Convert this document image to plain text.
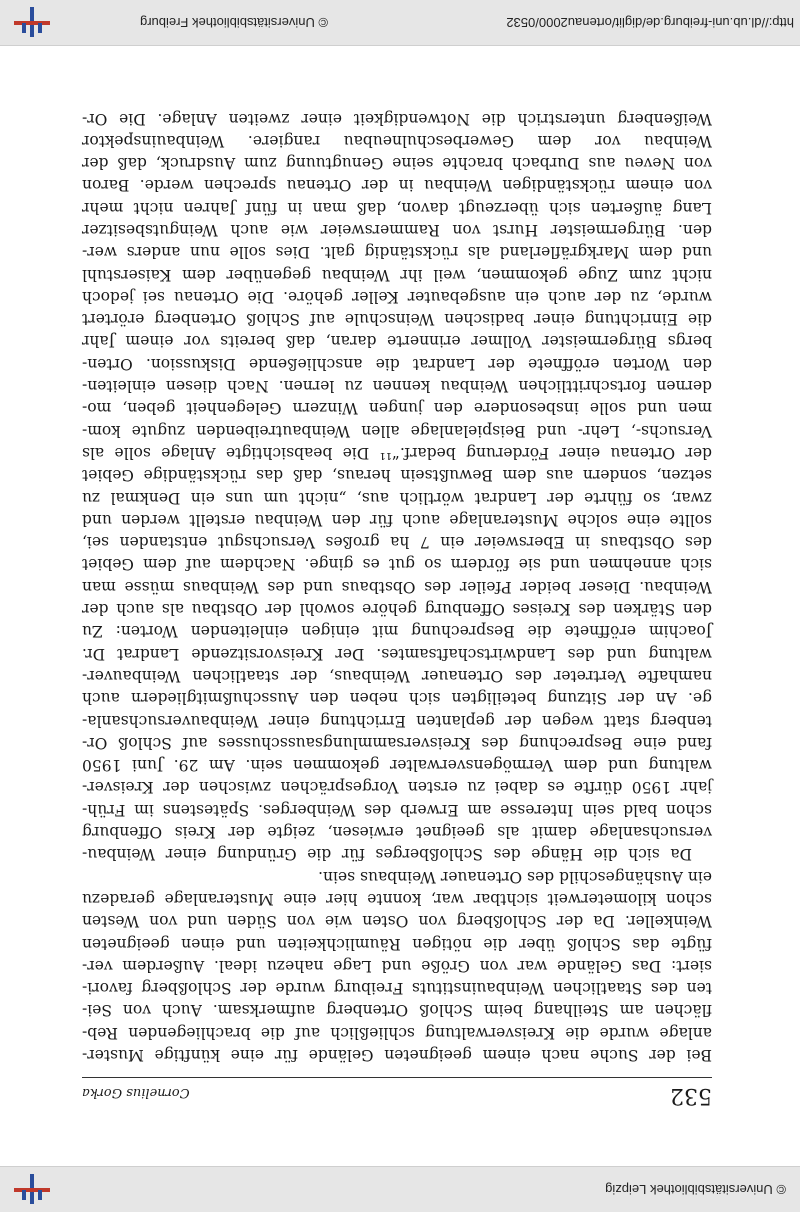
© Universitätsbibliothek Leipzig
532
Cornelius Gorka
Bei der Suche nach einem geeigneten Gelände für eine künftige Muster-
anlage wurde die Kreisverwaltung schließlich auf die brachliegenden Reb-
flächen am Steilhang beim Schloß Ortenberg aufmerksam. Auch von Sei-
ten des Staatlichen Weinbauinstituts Freiburg wurde der Schloßberg favori-
siert: Das Gelände war von Größe und Lage nahezu ideal. Außerdem ver-
fügte das Schloß über die nötigen Räumlichkeiten und einen geeigneten
Weinkeller. Da der Schloßberg von Osten wie von Süden und von Westen
schon kilometerweit sichtbar war, konnte hier eine Musteranlage geradezu
ein Aushängeschild des Ortenauer Weinbaus sein.
Da sich die Hänge des Schloßberges für die Gründung einer Weinbau-
versuchsanlage damit als geeignet erwiesen, zeigte der Kreis Offenburg
schon bald sein Interesse am Erwerb des Weinberges. Spätestens im Früh-
jahr 1950 dürfte es dabei zu ersten Vorgesprächen zwischen der Kreisver-
waltung und dem Vermögensverwalter gekommen sein. Am 29. Juni 1950
fand eine Besprechung des Kreisversammlungsausschusses auf Schloß Or-
tenberg statt wegen der geplanten Errichtung einer Weinbauversuchsanla-
ge. An der Sitzung beteiligten sich neben den Ausschußmitgliedern auch
namhafte Vertreter des Ortenauer Weinbaus, der staatlichen Weinbauver-
waltung und des Landwirtschaftsamtes. Der Kreisvorsitzende Landrat Dr.
Joachim eröffnete die Besprechung mit einigen einleitenden Worten: Zu
den Stärken des Kreises Offenburg gehöre sowohl der Obstbau als auch der
Weinbau. Dieser beider Pfeiler des Obstbaus und des Weinbaus müsse man
sich annehmen und sie fördern so gut es ginge. Nachdem auf dem Gebiet
des Obstbaus in Ebersweier ein 7 ha großes Versuchsgut entstanden sei,
sollte eine solche Musteranlage auch für den Weinbau erstellt werden und
zwar, so führte der Landrat wörtlich aus, „nicht um uns ein Denkmal zu
setzen, sondern aus dem Bewußtsein heraus, daß das rückständige Gebiet
der Ortenau einer Förderung bedarf.“¹¹ Die beabsichtigte Anlage solle als
Versuchs-, Lehr- und Beispielanlage allen Weinbautreibenden zugute kom-
men und solle insbesondere den jungen Winzern Gelegenheit geben, mo-
dernen fortschrittlichen Weinbau kennen zu lernen. Nach diesen einleiten-
den Worten eröffnete der Landrat die anschließende Diskussion. Orten-
bergs Bürgermeister Vollmer erinnerte daran, daß bereits vor einem Jahr
die Einrichtung einer badischen Weinschule auf Schloß Ortenberg erörtert
wurde, zu der auch ein ausgebauter Keller gehöre. Die Ortenau sei jedoch
nicht zum Zuge gekommen, weil ihr Weinbau gegenüber dem Kaiserstuhl
und dem Markgräflerland als rückständig galt. Dies solle nun anders wer-
den. Bürgermeister Hurst von Rammersweier wie auch Weingutsbesitzer
Lang äußerten sich überzeugt davon, daß man in fünf Jahren nicht mehr
von einem rückständigen Weinbau in der Ortenau sprechen werde. Baron
von Neveu aus Durbach brachte seine Genugtuung zum Ausdruck, daß der
Weinbau vor dem Gewerbeschulneubau rangiere. Weinbauinspektor
Weißenberg unterstrich die Notwendigkeit einer zweiten Anlage. Die Or-
http://dl.ub.uni-freiburg.de/diglit/ortenau2000/0532
© Universitätsbibliothek Freiburg
